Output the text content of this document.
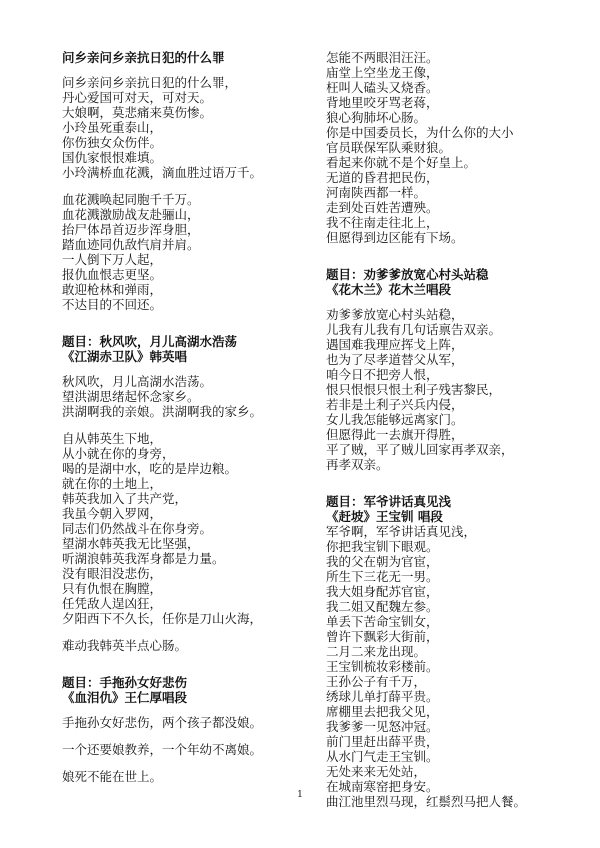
问乡亲问乡亲抗日犯的什么罪
问乡亲问乡亲抗日犯的什么罪，
丹心爱国可对天，可对天。
大娘啊，莫悲痛来莫伤惨。
小玲虽死重泰山，
你伤独女众伤伴。
国仇家恨恨难填。
小玲满桥血花溅，滴血胜过语万千。
血花溅唤起同胞千千万。
血花溅激励战友赴骊山，
抬尸体昂首迈步浑身胆，
踏血迹同仇敌忾肩并肩。
一人倒下万人起，
报仇血恨志更坚。
敢迎枪林和弹雨，
不达目的不回还。
题目：秋风吹，月儿高湖水浩荡
《江湖赤卫队》韩英唱
秋风吹，月儿高湖水浩荡。
望洪湖思绪起怀念家乡。
洪湖啊我的亲娘。洪湖啊我的家乡。
自从韩英生下地，
从小就在你的身旁，
喝的是湖中水，吃的是岸边粮。
就在你的土地上，
韩英我加入了共产党，
我虽今朝入罗网，
同志们仍然战斗在你身旁。
望湖水韩英我无比坚强，
听湖浪韩英我浑身都是力量。
没有眼泪没悲伤，
只有仇恨在胸膛，
任凭敌人逞凶狂，
夕阳西下不久长，任你是刀山火海，
难动我韩英半点心肠。
题目：手拖孙女好悲伤
《血泪仇》王仁厚唱段
手拖孙女好悲伤，两个孩子都没娘。
一个还要娘教养，一个年幼不离娘。
娘死不能在世上。
怎能不两眼泪汪汪。
庙堂上空坐龙王像，
枉叫人磕头又烧香。
背地里咬牙骂老蒋，
狼心狗肺坏心肠。
你是中国委员长，为什么你的大小
官员联保军队乘财狼。
看起来你就不是个好皇上。
无道的昏君把民伤，
河南陕西都一样。
走到处百姓苦遭殃。
我不往南走往北上，
但愿得到边区能有下场。
题目：劝爹爹放宽心村头站稳
《花木兰》花木兰唱段
劝爹爹放宽心村头站稳，
儿我有儿我有几句话禀告双亲。
遇国难我理应挥戈上阵，
也为了尽孝道替父从军，
咱今日不把旁人恨，
恨只恨恨只恨土利子残害黎民，
若非是土利子兴兵内侵，
女儿我怎能够远离家门。
但愿得此一去旗开得胜，
平了贼，平了贼儿回家再孝双亲，
再孝双亲。
题目：军爷讲话真见浅
《赶坡》王宝钏 唱段
军爷啊，军爷讲话真见浅，
你把我宝钏下眼观。
我的父在朝为官宦，
所生下三花无一男。
我大姐身配苏官宦，
我二姐又配魏左参。
单丢下苦命宝钏女，
曾许下飘彩大街前，
二月二来龙出现。
王宝钏梳妆彩楼前。
王孙公子有千万，
绣球儿单打薛平贵。
席棚里去把我父见，
我爹爹一见怒冲冠。
前门里赶出薛平贵，
从水门气走王宝钏。
无处来来无处站，
在城南寒窑把身安。
曲江池里烈马现，红鬃烈马把人餐。
1
